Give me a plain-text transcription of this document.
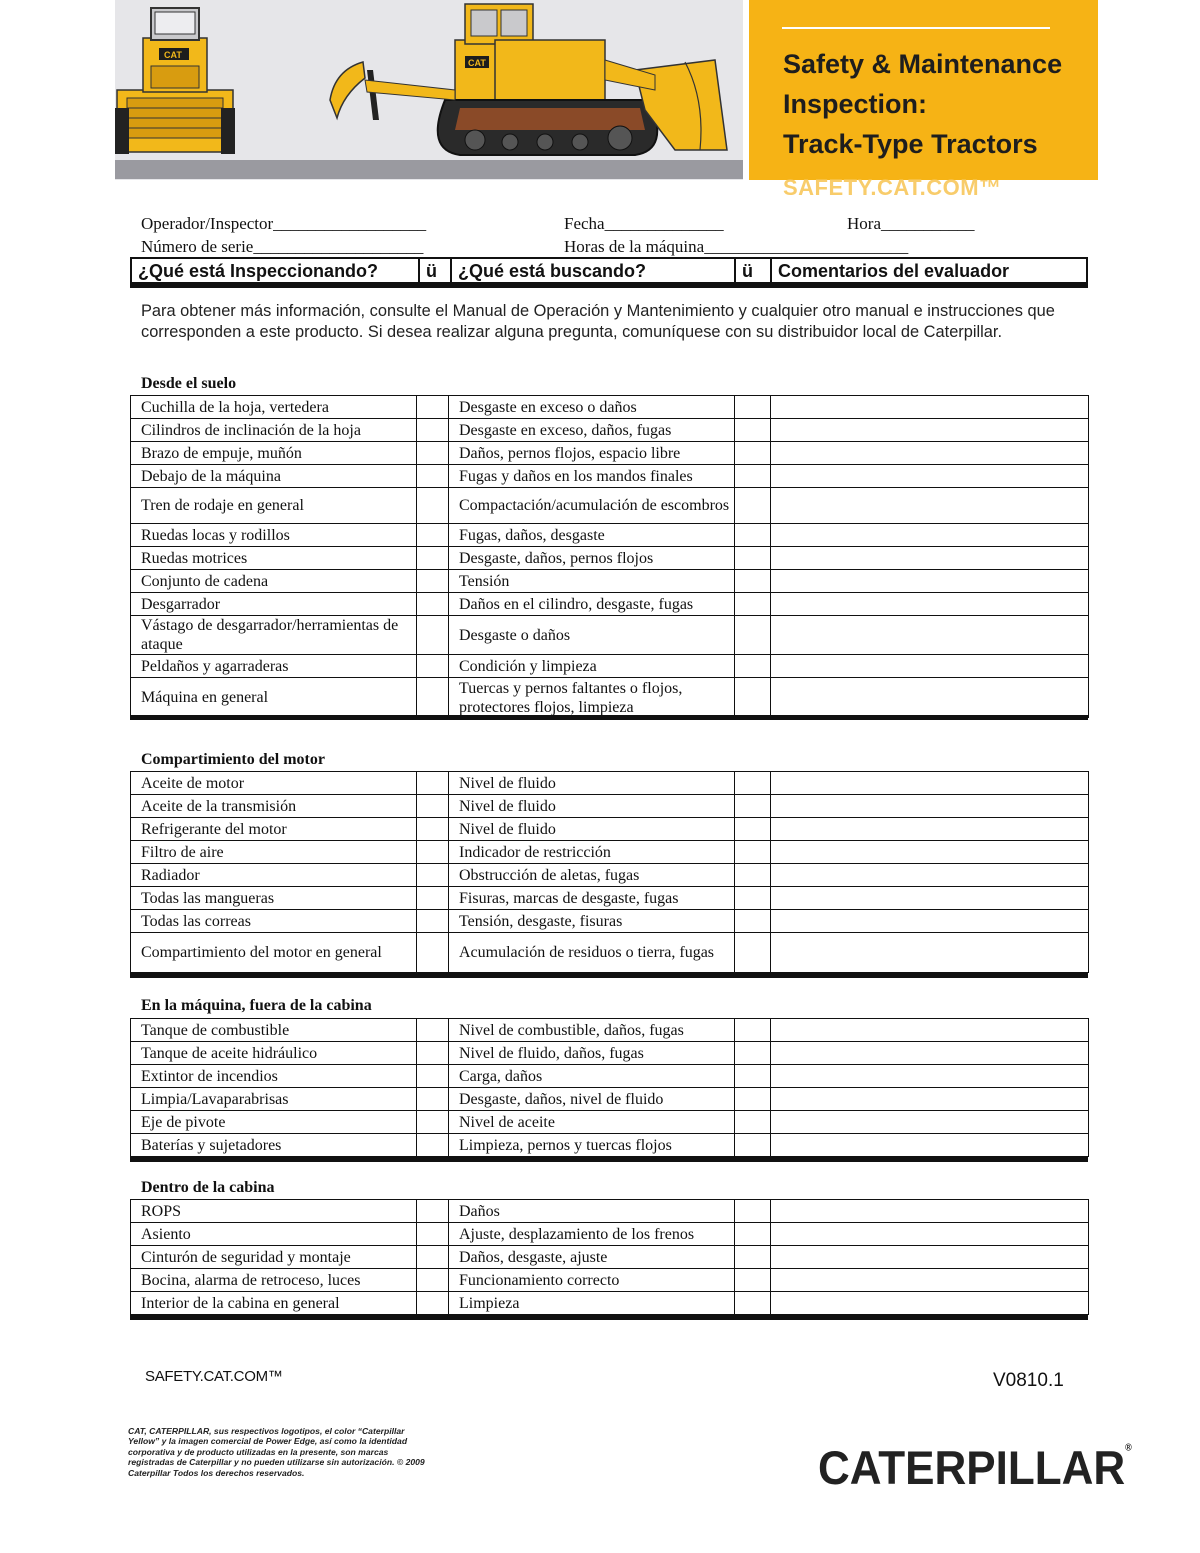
CAT
CAT	Safety & Maintenance
Inspection:
Track-Type Tractors
SAFETY.CAT.COM™
Operador/Inspector__________________	Fecha______________	Hora___________
Número de serie____________________	Horas de la máquina________________________
¿Qué está Inspeccionando?	ü	¿Qué está buscando?	ü	Comentarios del evaluador
Para obtener más información, consulte el Manual de Operación y Mantenimiento y cualquier otro manual e instrucciones que corresponden a este producto. Si desea realizar alguna pregunta, comuníquese con su distribuidor local de Caterpillar.
Desde el suelo
Cuchilla de la hoja, vertedera		Desgaste en exceso o daños		
Cilindros de inclinación de la hoja		Desgaste en exceso, daños, fugas		
Brazo de empuje, muñón		Daños, pernos flojos, espacio libre		
Debajo de la máquina		Fugas y daños en los mandos finales		
Tren de rodaje en general		Compactación/acumulación de escombros		
Ruedas locas y rodillos		Fugas, daños, desgaste		
Ruedas motrices		Desgaste, daños, pernos flojos		
Conjunto de cadena		Tensión		
Desgarrador		Daños en el cilindro, desgaste, fugas		
Vástago de desgarrador/herramientas de ataque		Desgaste o daños		
Peldaños y agarraderas		Condición y limpieza		
Máquina en general		Tuercas y pernos faltantes o flojos, protectores flojos, limpieza		
Compartimiento del motor
Aceite de motor		Nivel de fluido		
Aceite de la transmisión		Nivel de fluido		
Refrigerante del motor		Nivel de fluido		
Filtro de aire		Indicador de restricción		
Radiador		Obstrucción de aletas, fugas		
Todas las mangueras		Fisuras, marcas de desgaste, fugas		
Todas las correas		Tensión, desgaste, fisuras		
Compartimiento del motor en general		Acumulación de residuos o tierra, fugas		
En la máquina, fuera de la cabina
Tanque de combustible		Nivel de combustible, daños, fugas		
Tanque de aceite hidráulico		Nivel de fluido, daños, fugas		
Extintor de incendios		Carga, daños		
Limpia/Lavaparabrisas		Desgaste, daños, nivel de fluido		
Eje de pivote		Nivel de aceite		
Baterías y sujetadores		Limpieza, pernos y tuercas flojos		
Dentro de la cabina
ROPS		Daños		
Asiento		Ajuste, desplazamiento de los frenos		
Cinturón de seguridad y montaje		Daños, desgaste, ajuste		
Bocina, alarma de retroceso, luces		Funcionamiento correcto		
Interior de la cabina en general		Limpieza		
SAFETY.CAT.COM™	V0810.1
CAT, CATERPILLAR, sus respectivos logotipos, el color “Caterpillar Yellow” y la imagen comercial de Power Edge, así como la identidad corporativa y de producto utilizadas en la presente, son marcas registradas de Caterpillar y no pueden utilizarse sin autorización. © 2009 Caterpillar Todos los derechos reservados.	CATERPILLAR®
